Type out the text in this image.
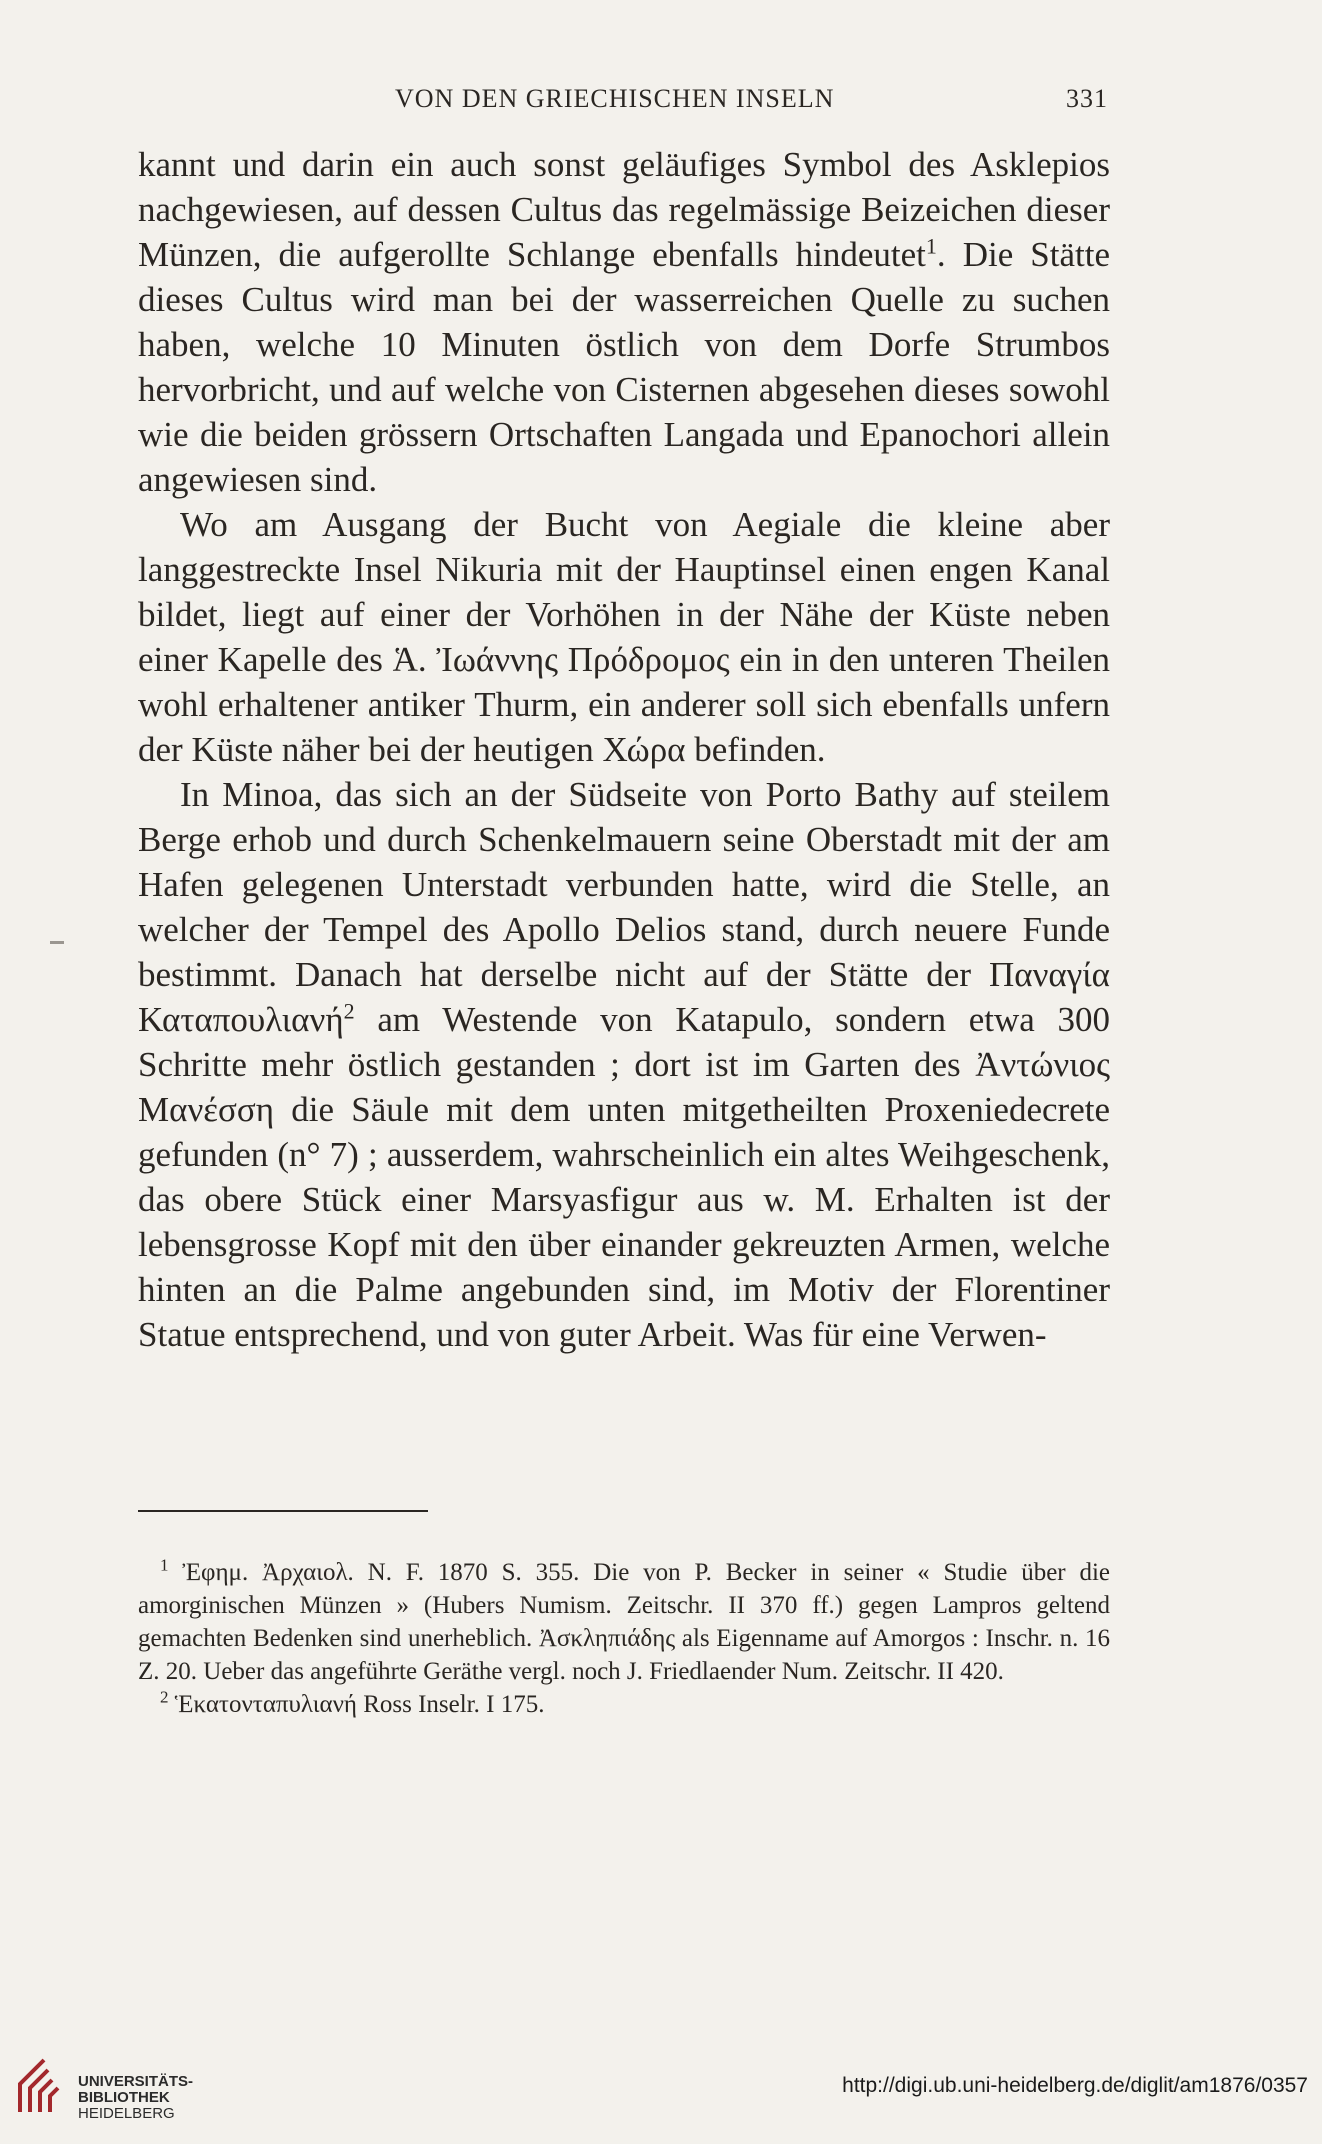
VON DEN GRIECHISCHEN INSELN	331

kannt und darin ein auch sonst geläufiges Symbol des Asklepios nachgewiesen, auf dessen Cultus das regelmässige Beizeichen dieser Münzen, die aufgerollte Schlange ebenfalls hindeutet$^1$. Die Stätte dieses Cultus wird man bei der wasserreichen Quelle zu suchen haben, welche 10 Minuten östlich von dem Dorfe Strumbos hervorbricht, und auf welche von Cisternen abgesehen dieses sowohl wie die beiden grössern Ortschaften Langada und Epanochori allein angewiesen sind.

Wo am Ausgang der Bucht von Aegiale die kleine aber langgestreckte Insel Nikuria mit der Hauptinsel einen engen Kanal bildet, liegt auf einer der Vorhöhen in der Nähe der Küste neben einer Kapelle des Ἁ. Ἰωάννης Πρόδρομος ein in den unteren Theilen wohl erhaltener antiker Thurm, ein anderer soll sich ebenfalls unfern der Küste näher bei der heutigen Χώρα befinden.

In Minoa, das sich an der Südseite von Porto Bathy auf steilem Berge erhob und durch Schenkelmauern seine Oberstadt mit der am Hafen gelegenen Unterstadt verbunden hatte, wird die Stelle, an welcher der Tempel des Apollo Delios stand, durch neuere Funde bestimmt. Danach hat derselbe nicht auf der Stätte der Παναγία Καταπουλιανή$^2$ am Westende von Katapulo, sondern etwa 300 Schritte mehr östlich gestanden ; dort ist im Garten des Ἀντώνιος Μανέσση die Säule mit dem unten mitgetheilten Proxeniedecrete gefunden (n° 7) ; ausserdem, wahrscheinlich ein altes Weihgeschenk, das obere Stück einer Marsyasfigur aus w. M. Erhalten ist der lebensgrosse Kopf mit den über einander gekreuzten Armen, welche hinten an die Palme angebunden sind, im Motiv der Florentiner Statue entsprechend, und von guter Arbeit. Was für eine Verwen-

$^1$ Ἐφημ. Ἀρχαιολ. N. F. 1870 S. 355. Die von P. Becker in seiner « Studie über die amorginischen Münzen » (Hubers Numism. Zeitschr. II 370 ff.) gegen Lampros geltend gemachten Bedenken sind unerheblich. Ἀσκληπιάδης als Eigenname auf Amorgos : Inschr. n. 16 Z. 20. Ueber das angeführte Geräthe vergl. noch J. Friedlaender Num. Zeitschr. II 420.

$^2$ Ἑκατονταπυλιανή Ross Inselr. I 175.

UNIVERSITÄTS-
BIBLIOTHEK
HEIDELBERG
http://digi.ub.uni-heidelberg.de/diglit/am1876/0357
